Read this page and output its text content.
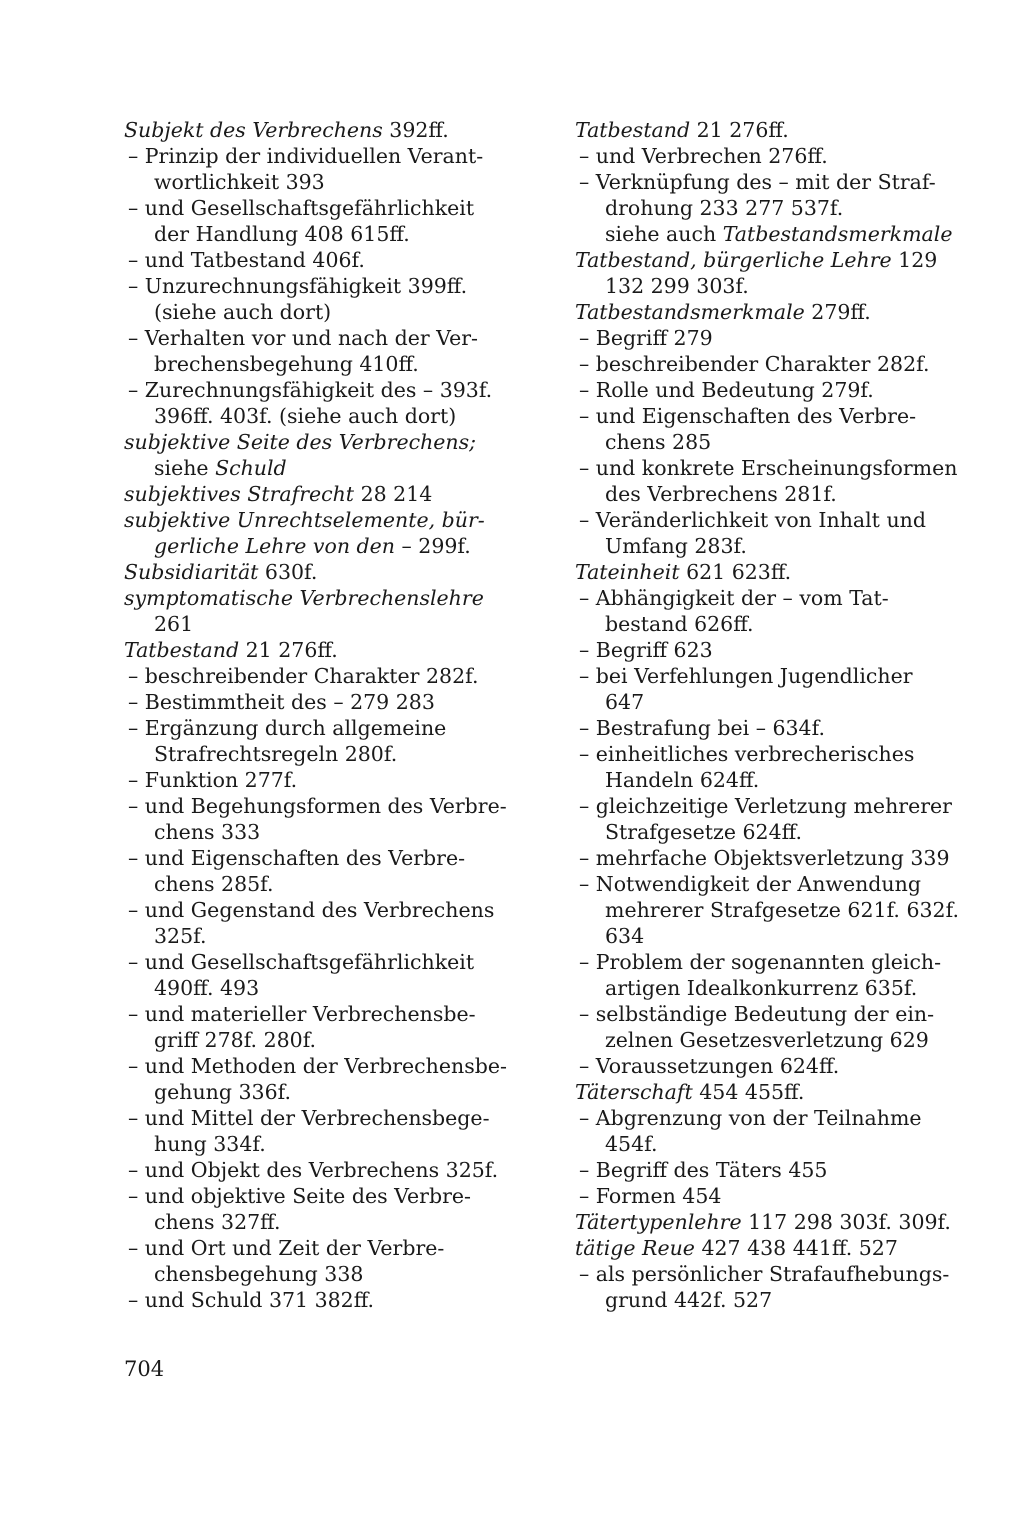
Subjekt des Verbrechens 392ff.
– Prinzip der individuellen Verant-
wortlichkeit 393
– und Gesellschaftsgefährlichkeit
der Handlung 408 615ff.
– und Tatbestand 406f.
– Unzurechnungsfähigkeit 399ff.
(siehe auch dort)
– Verhalten vor und nach der Ver-
brechensbegehung 410ff.
– Zurechnungsfähigkeit des – 393f.
396ff. 403f. (siehe auch dort)
subjektive Seite des Verbrechens;
siehe Schuld
subjektives Strafrecht 28 214
subjektive Unrechtselemente, bür-
gerliche Lehre von den – 299f.
Subsidiarität 630f.
symptomatische Verbrechenslehre
261
Tatbestand 21 276ff.
– beschreibender Charakter 282f.
– Bestimmtheit des – 279 283
– Ergänzung durch allgemeine
Strafrechtsregeln 280f.
– Funktion 277f.
– und Begehungsformen des Verbre-
chens 333
– und Eigenschaften des Verbre-
chens 285f.
– und Gegenstand des Verbrechens
325f.
– und Gesellschaftsgefährlichkeit
490ff. 493
– und materieller Verbrechensbe-
griff 278f. 280f.
– und Methoden der Verbrechensbe-
gehung 336f.
– und Mittel der Verbrechensbege-
hung 334f.
– und Objekt des Verbrechens 325f.
– und objektive Seite des Verbre-
chens 327ff.
– und Ort und Zeit der Verbre-
chensbegehung 338
– und Schuld 371 382ff.
Tatbestand 21 276ff.
– und Verbrechen 276ff.
– Verknüpfung des – mit der Straf-
drohung 233 277 537f.
siehe auch Tatbestandsmerkmale
Tatbestand, bürgerliche Lehre 129
132 299 303f.
Tatbestandsmerkmale 279ff.
– Begriff 279
– beschreibender Charakter 282f.
– Rolle und Bedeutung 279f.
– und Eigenschaften des Verbre-
chens 285
– und konkrete Erscheinungsformen
des Verbrechens 281f.
– Veränderlichkeit von Inhalt und
Umfang 283f.
Tateinheit 621 623ff.
– Abhängigkeit der – vom Tat-
bestand 626ff.
– Begriff 623
– bei Verfehlungen Jugendlicher
647
– Bestrafung bei – 634f.
– einheitliches verbrecherisches
Handeln 624ff.
– gleichzeitige Verletzung mehrerer
Strafgesetze 624ff.
– mehrfache Objektsverletzung 339
– Notwendigkeit der Anwendung
mehrerer Strafgesetze 621f. 632f.
634
– Problem der sogenannten gleich-
artigen Idealkonkurrenz 635f.
– selbständige Bedeutung der ein-
zelnen Gesetzesverletzung 629
– Voraussetzungen 624ff.
Täterschaft 454 455ff.
– Abgrenzung von der Teilnahme
454f.
– Begriff des Täters 455
– Formen 454
Tätertypenlehre 117 298 303f. 309f.
tätige Reue 427 438 441ff. 527
– als persönlicher Strafaufhebungs-
grund 442f. 527
704
